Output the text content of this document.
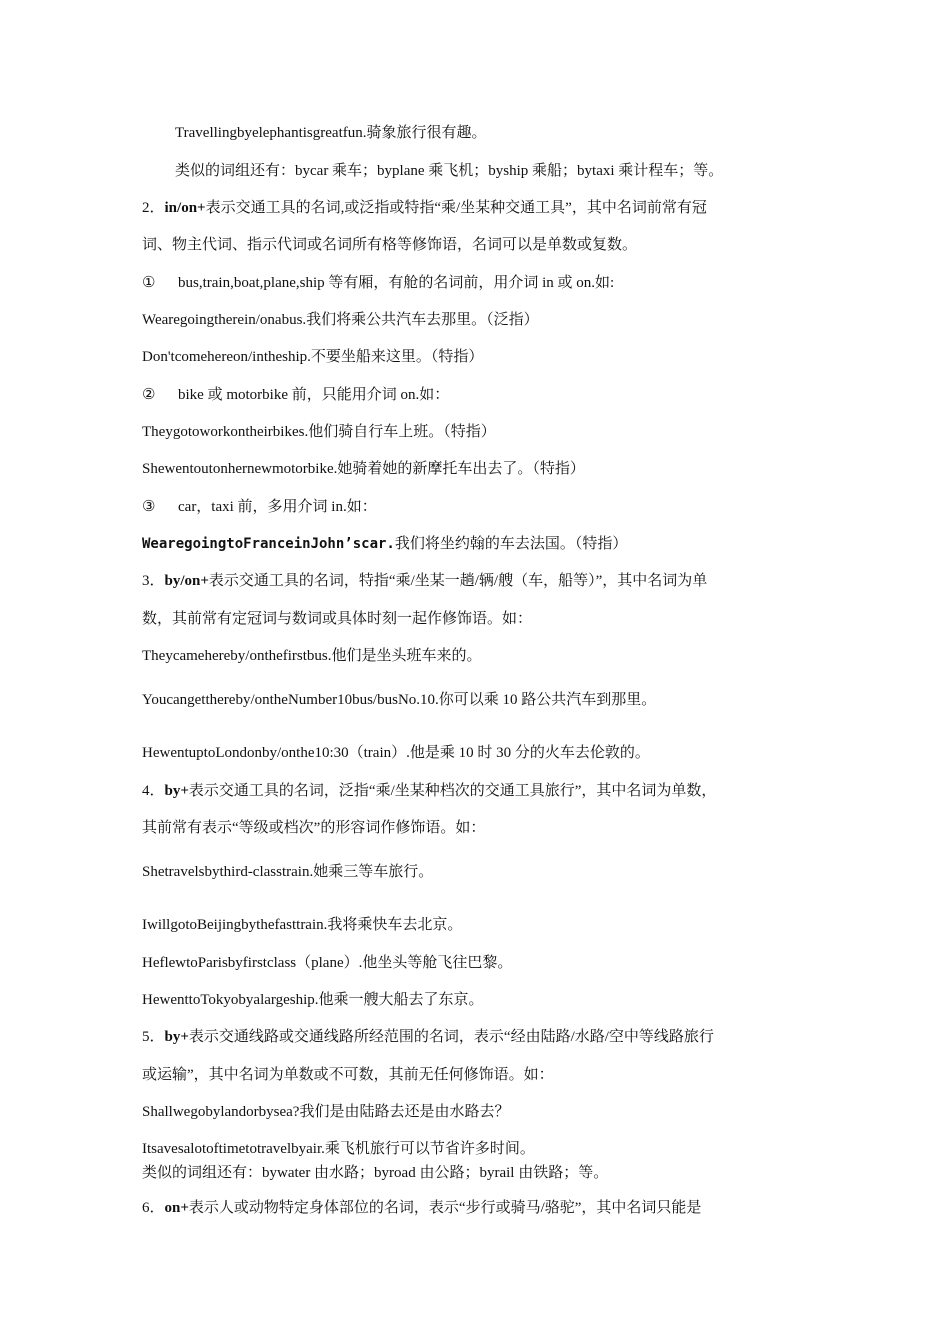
Travellingbyelephantisgreatfun.骑象旅行很有趣。
类似的词组还有：bycar 乘车；byplane 乘飞机；byship 乘船；bytaxi 乘计程车；等。
2．in/on+表示交通工具的名词,或泛指或特指“乘/坐某种交通工具”，其中名词前常有冠
词、物主代词、指示代词或名词所有格等修饰语，名词可以是单数或复数。
① bus,train,boat,plane,ship 等有厢，有舱的名词前，用介词 in 或 on.如:
Wearegoingtherein/onabus.我们将乘公共汽车去那里。（泛指）
Don'tcomehereon/intheship.不要坐船来这里。（特指）
② bike 或 motorbike 前，只能用介词 on.如：
Theygotoworkontheirbikes.他们骑自行车上班。（特指）
Shewentoutonhernewmotorbike.她骑着她的新摩托车出去了。（特指）
③ car，taxi 前，多用介词 in.如：
WearegoingtoFranceinJohn’scar.我们将坐约翰的车去法国。（特指）
3．by/on+表示交通工具的名词，特指“乘/坐某一趟/辆/艘（车，船等）”，其中名词为单
数，其前常有定冠词与数词或具体时刻一起作修饰语。如：
Theycamehereby/onthefirstbus.他们是坐头班车来的。
Youcangetthereby/ontheNumber10bus/busNo.10.你可以乘 10 路公共汽车到那里。
HewentuptoLondonby/onthe10:30（train）.他是乘 10 时 30 分的火车去伦敦的。
4．by+表示交通工具的名词，泛指“乘/坐某种档次的交通工具旅行”，其中名词为单数，
其前常有表示“等级或档次”的形容词作修饰语。如：
Shetravelsbythird-classtrain.她乘三等车旅行。
IwillgotoBeijingbythefasttrain.我将乘快车去北京。
HeflewtoParisbyfirstclass（plane）.他坐头等舱飞往巴黎。
HewenttoTokyobyalargeship.他乘一艘大船去了东京。
5．by+表示交通线路或交通线路所经范围的名词，表示“经由陆路/水路/空中等线路旅行
或运输”，其中名词为单数或不可数，其前无任何修饰语。如：
Shallwegobylandorbysea?我们是由陆路去还是由水路去？
Itsavesalotoftimetotravelbyair.乘飞机旅行可以节省许多时间。
类似的词组还有：bywater 由水路；byroad 由公路；byrail 由铁路；等。
6．on+表示人或动物特定身体部位的名词，表示“步行或骑马/骆驼”，其中名词只能是
